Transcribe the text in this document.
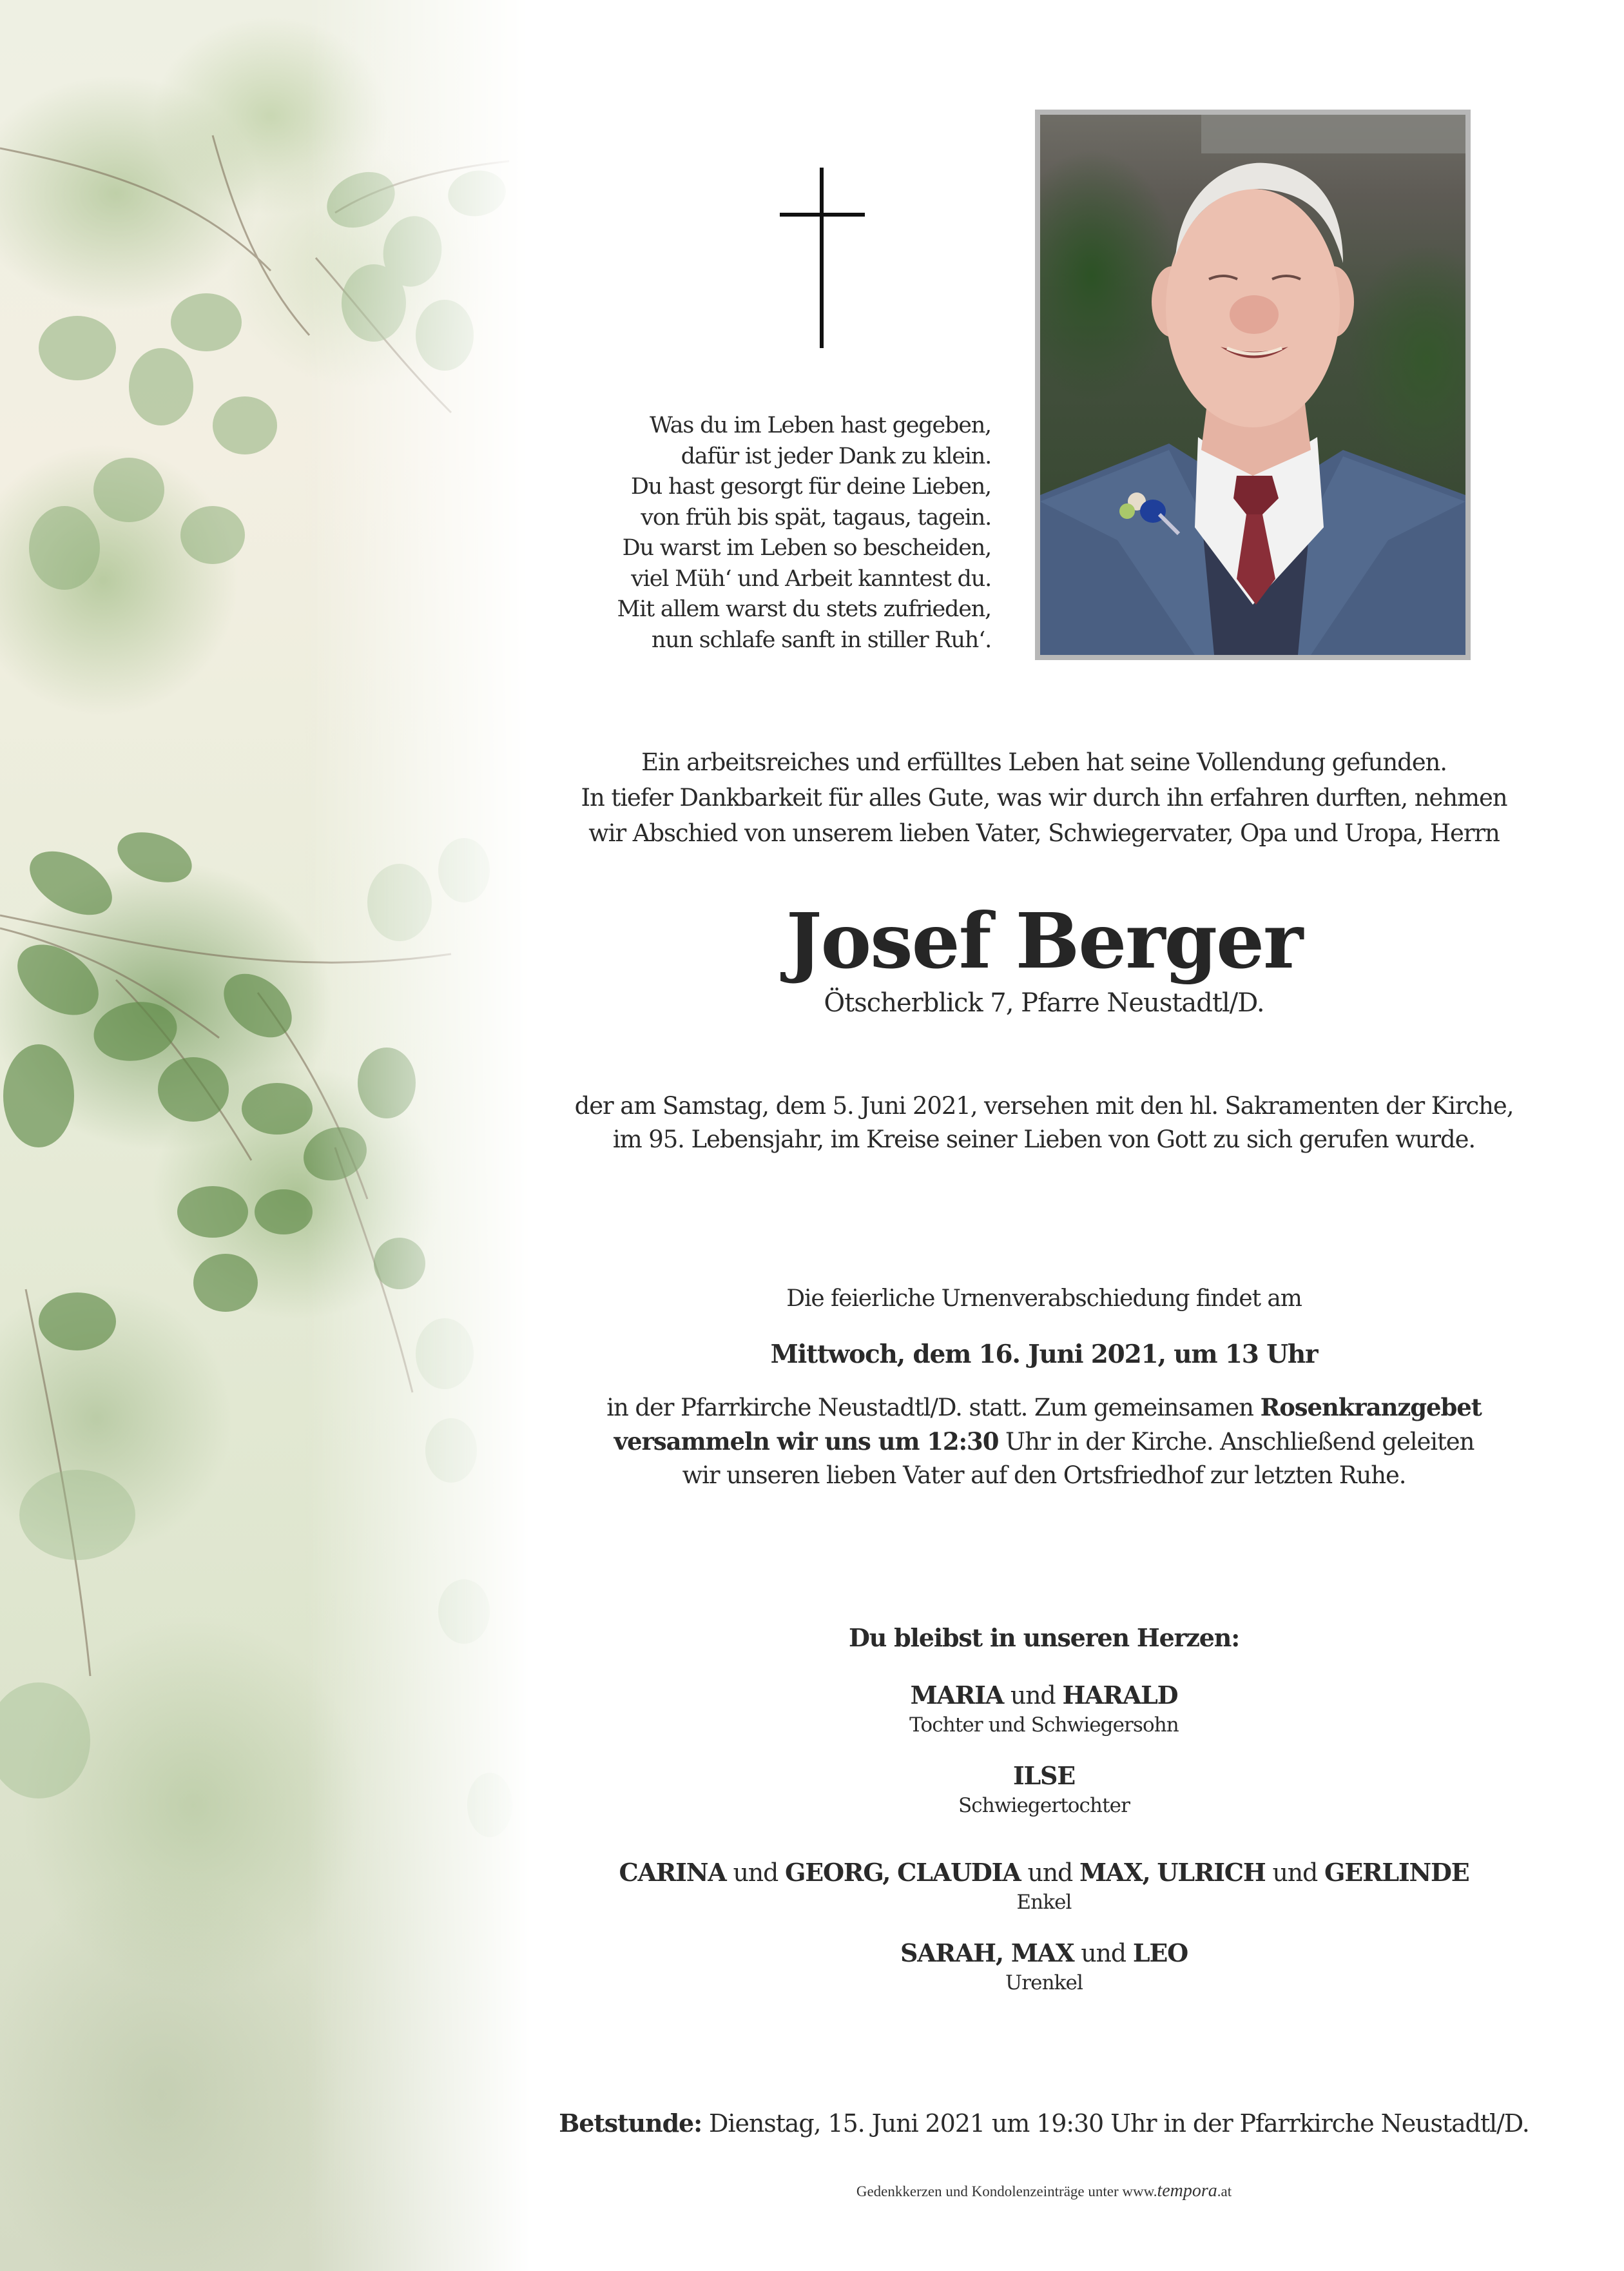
Was du im Leben hast gegeben,
dafür ist jeder Dank zu klein.
Du hast gesorgt für deine Lieben,
von früh bis spät, tagaus, tagein.
Du warst im Leben so bescheiden,
viel Müh‘ und Arbeit kanntest du.
Mit allem warst du stets zufrieden,
nun schlafe sanft in stiller Ruh‘.
Ein arbeitsreiches und erfülltes Leben hat seine Vollendung gefunden.
In tiefer Dankbarkeit für alles Gute, was wir durch ihn erfahren durften, nehmen
wir Abschied von unserem lieben Vater, Schwiegervater, Opa und Uropa, Herrn
Josef Berger
Ötscherblick 7, Pfarre Neustadtl/D.
der am Samstag, dem 5. Juni 2021, versehen mit den hl. Sakramenten der Kirche,
im 95. Lebensjahr, im Kreise seiner Lieben von Gott zu sich gerufen wurde.
Die feierliche Urnenverabschiedung findet am
Mittwoch, dem 16. Juni 2021, um 13 Uhr
in der Pfarrkirche Neustadtl/D. statt. Zum gemeinsamen Rosenkranzgebet
versammeln wir uns um 12:30 Uhr in der Kirche. Anschließend geleiten
wir unseren lieben Vater auf den Ortsfriedhof zur letzten Ruhe.
Du bleibst in unseren Herzen:
MARIA und HARALD
Tochter und Schwiegersohn
ILSE
Schwiegertochter
CARINA und GEORG, CLAUDIA und MAX, ULRICH und GERLINDE
Enkel
SARAH, MAX und LEO
Urenkel
Betstunde: Dienstag, 15. Juni 2021 um 19:30 Uhr in der Pfarrkirche Neustadtl/D.
Gedenkkerzen und Kondolenzeinträge unter www.tempora.at
